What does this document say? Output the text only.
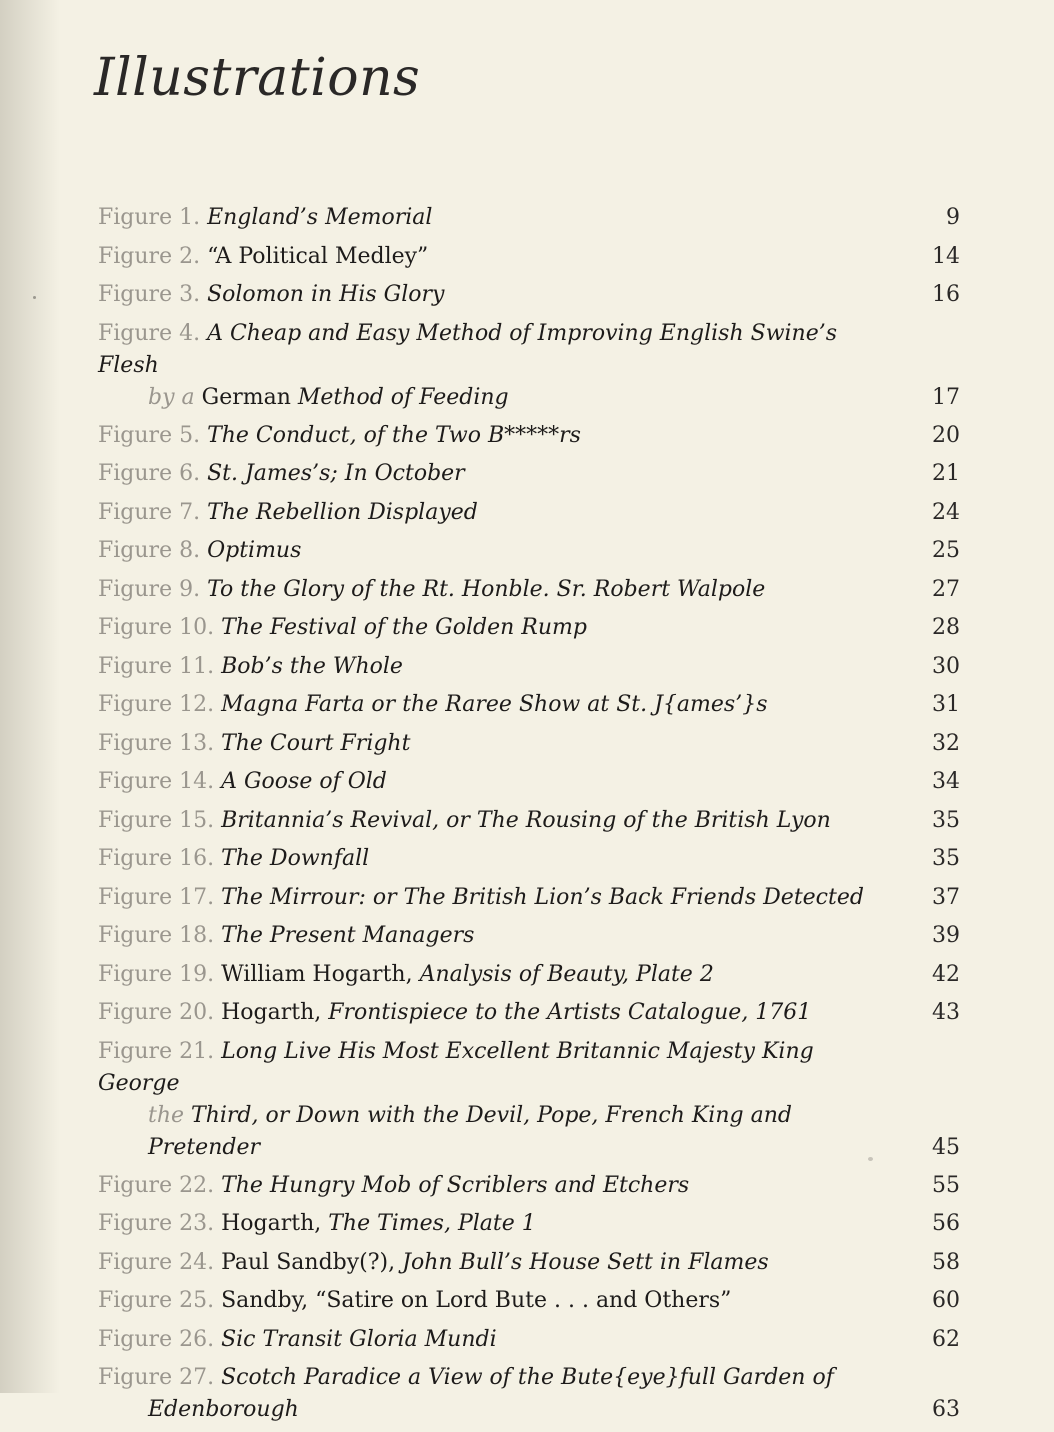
Illustrations
Figure 1. England’s Memorial	9
Figure 2. “A Political Medley”	14
Figure 3. Solomon in His Glory	16
Figure 4. A Cheap and Easy Method of Improving English Swine’s Flesh
by a German Method of Feeding	17
Figure 5. The Conduct, of the Two B*****rs	20
Figure 6. St. James’s; In October	21
Figure 7. The Rebellion Displayed	24
Figure 8. Optimus	25
Figure 9. To the Glory of the Rt. Honble. Sr. Robert Walpole	27
Figure 10. The Festival of the Golden Rump	28
Figure 11. Bob’s the Whole	30
Figure 12. Magna Farta or the Raree Show at St. J{ames’}s	31
Figure 13. The Court Fright	32
Figure 14. A Goose of Old	34
Figure 15. Britannia’s Revival, or The Rousing of the British Lyon	35
Figure 16. The Downfall	35
Figure 17. The Mirrour: or The British Lion’s Back Friends Detected	37
Figure 18. The Present Managers	39
Figure 19. William Hogarth, Analysis of Beauty, Plate 2	42
Figure 20. Hogarth, Frontispiece to the Artists Catalogue, 1761	43
Figure 21. Long Live His Most Excellent Britannic Majesty King George
the Third, or Down with the Devil, Pope, French King and Pretender	45
Figure 22. The Hungry Mob of Scriblers and Etchers	55
Figure 23. Hogarth, The Times, Plate 1	56
Figure 24. Paul Sandby(?), John Bull’s House Sett in Flames	58
Figure 25. Sandby, “Satire on Lord Bute . . . and Others”	60
Figure 26. Sic Transit Gloria Mundi	62
Figure 27. Scotch Paradice a View of the Bute{eye}full Garden of
Edenborough	63
